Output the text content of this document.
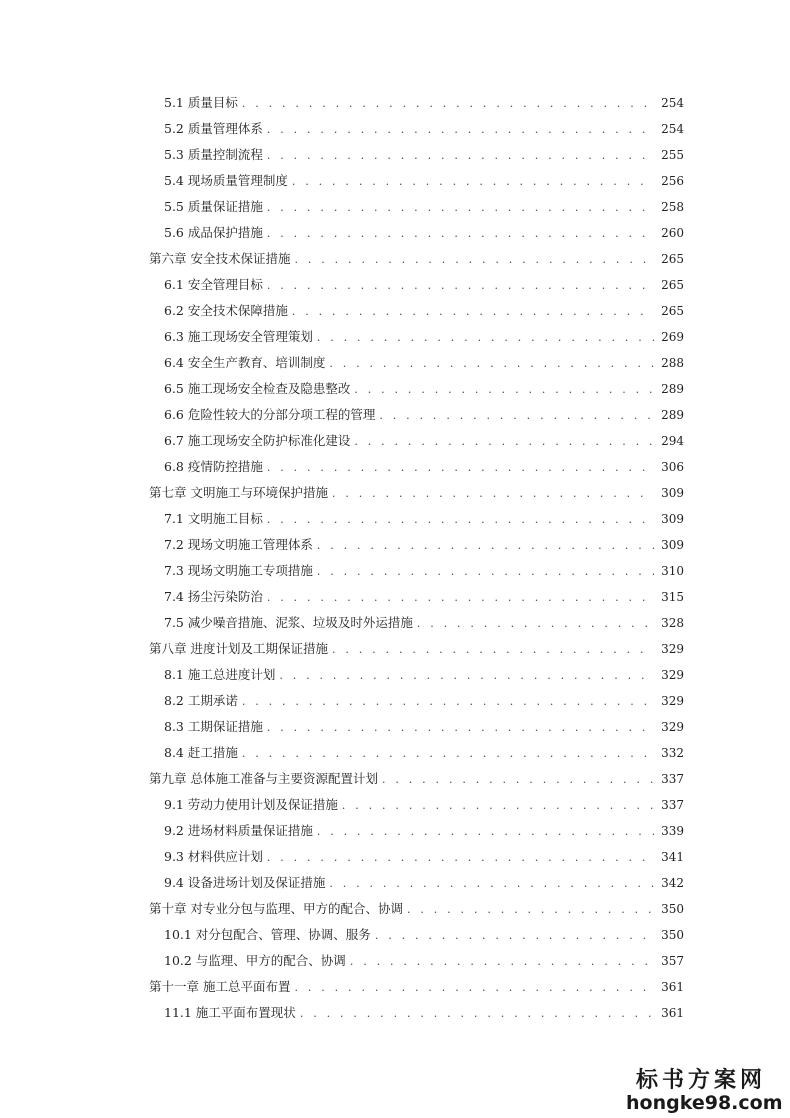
5.1 质量目标 . . .	254
5.2 质量管理体系 . . .	254
5.3 质量控制流程 . . .	255
5.4 现场质量管理制度 . . .	256
5.5 质量保证措施 . . .	258
5.6 成品保护措施 . . .	260
第六章 安全技术保证措施 . . .	265
6.1 安全管理目标 . . .	265
6.2 安全技术保障措施 . . .	265
6.3 施工现场安全管理策划 . . .	269
6.4 安全生产教育、培训制度 . . .	288
6.5 施工现场安全检查及隐患整改 . . .	289
6.6 危险性较大的分部分项工程的管理 . . .	289
6.7 施工现场安全防护标准化建设 . . .	294
6.8 疫情防控措施 . . .	306
第七章 文明施工与环境保护措施 . . .	309
7.1 文明施工目标 . . .	309
7.2 现场文明施工管理体系 . . .	309
7.3 现场文明施工专项措施 . . .	310
7.4 扬尘污染防治 . . .	315
7.5 减少噪音措施、泥浆、垃圾及时外运措施 . . .	328
第八章 进度计划及工期保证措施 . . .	329
8.1 施工总进度计划 . . .	329
8.2 工期承诺 . . .	329
8.3 工期保证措施 . . .	329
8.4 赶工措施 . . .	332
第九章 总体施工准备与主要资源配置计划 . . .	337
9.1 劳动力使用计划及保证措施 . . .	337
9.2 进场材料质量保证措施 . . .	339
9.3 材料供应计划 . . .	341
9.4 设备进场计划及保证措施 . . .	342
第十章 对专业分包与监理、甲方的配合、协调 . . .	350
10.1 对分包配合、管理、协调、服务 . . .	350
10.2 与监理、甲方的配合、协调 . . .	357
第十一章 施工总平面布置 . . .	361
11.1 施工平面布置现状 . . .	361
标书方案网
hongke98.com
